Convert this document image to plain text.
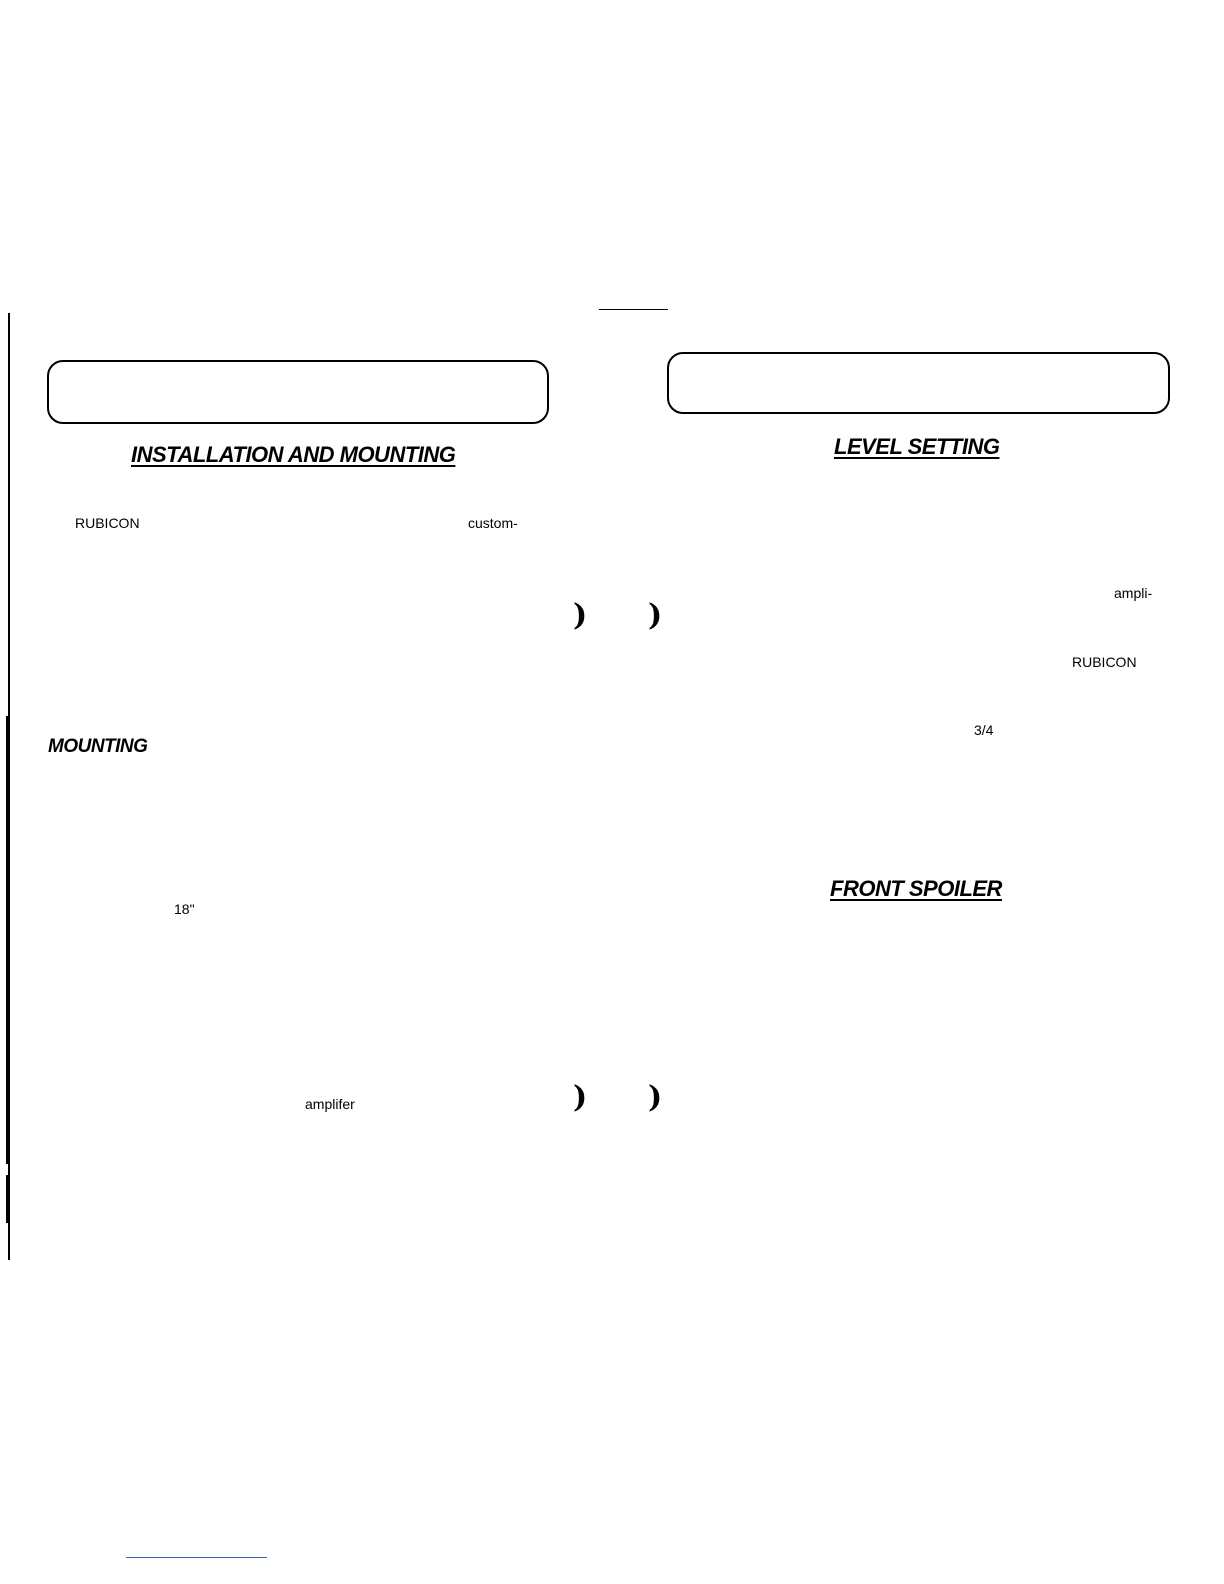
INSTALLATION AND MOUNTING
RUBICON	custom-
MOUNTING
18"
amplifer
LEVEL SETTING
ampli-
RUBICON
3/4
FRONT SPOILER
) )
) )
